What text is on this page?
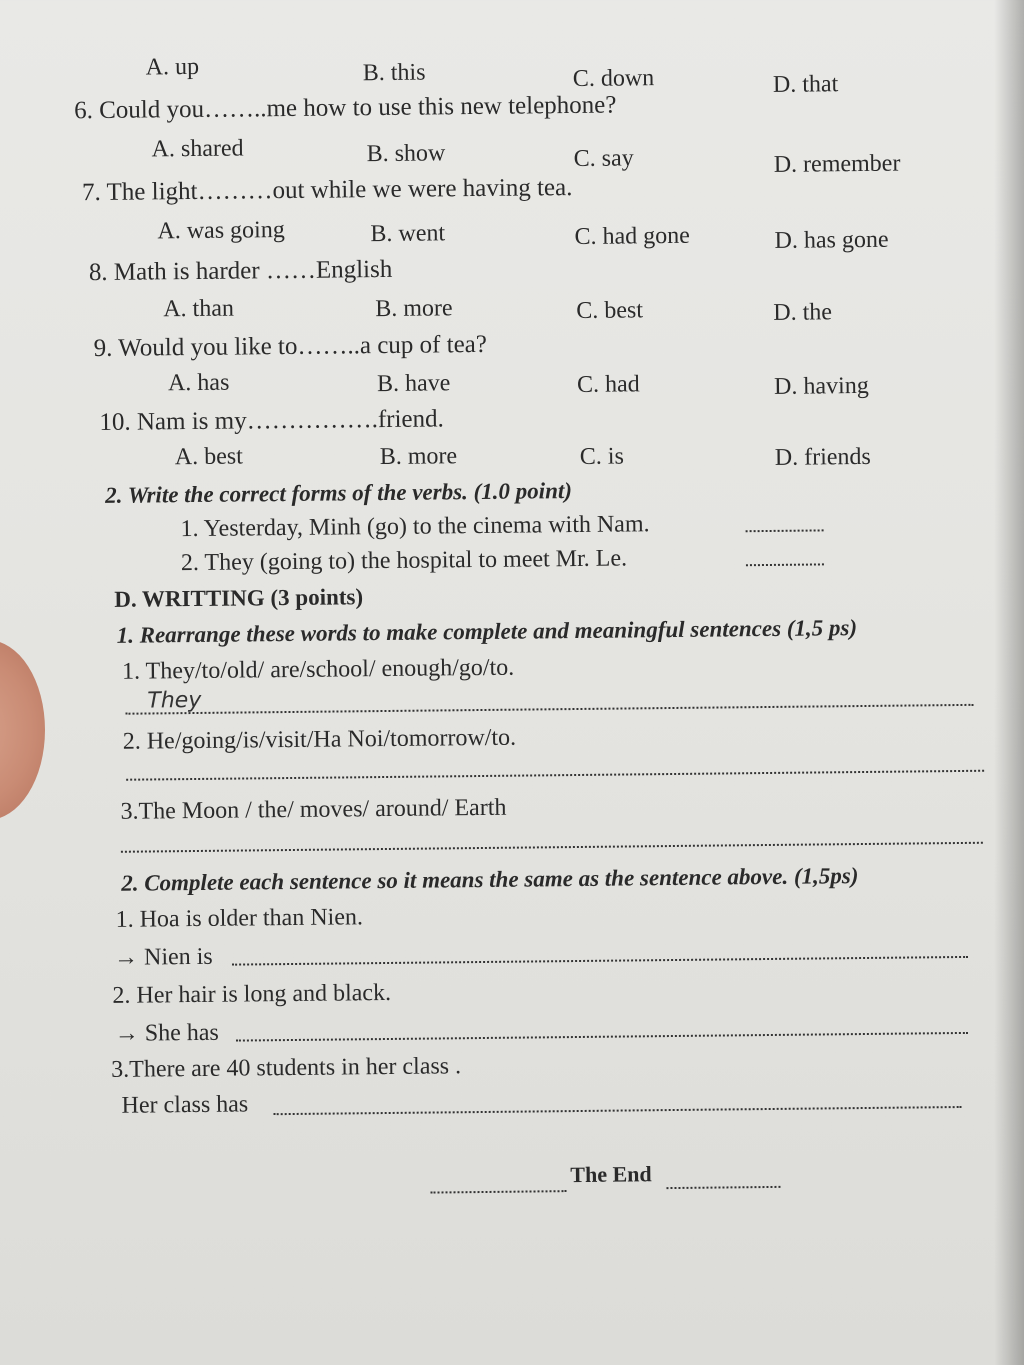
A. up	B. this	C. down	D. that
6. Could you……..me how to use this new telephone?
A. shared	B. show	C. say	D. remember
7. The light………out while we were having tea.
A. was going	B. went	C. had gone	D. has gone
8. Math is harder ……English
A. than	B. more	C. best	D. the
9. Would you like to……..a cup of tea?
A. has	B. have	C. had	D. having
10. Nam is my…………….friend.
A. best	B. more	C. is	D. friends
2. Write the correct forms of the verbs. (1.0 point)
1. Yesterday, Minh (go) to the cinema with Nam.
2. They (going to) the hospital to meet Mr. Le.
D. WRITTING (3 points)
1. Rearrange these words to make complete and meaningful sentences (1,5 ps)
1. They/to/old/ are/school/ enough/go/to.
They
2. He/going/is/visit/Ha Noi/tomorrow/to.
3.The Moon / the/ moves/ around/ Earth
2. Complete each sentence so it means the same as the sentence above. (1,5ps)
1. Hoa is older than Nien.
→ Nien is
2. Her hair is long and black.
→ She has
3.There are 40 students in her class .
Her class has
The End
